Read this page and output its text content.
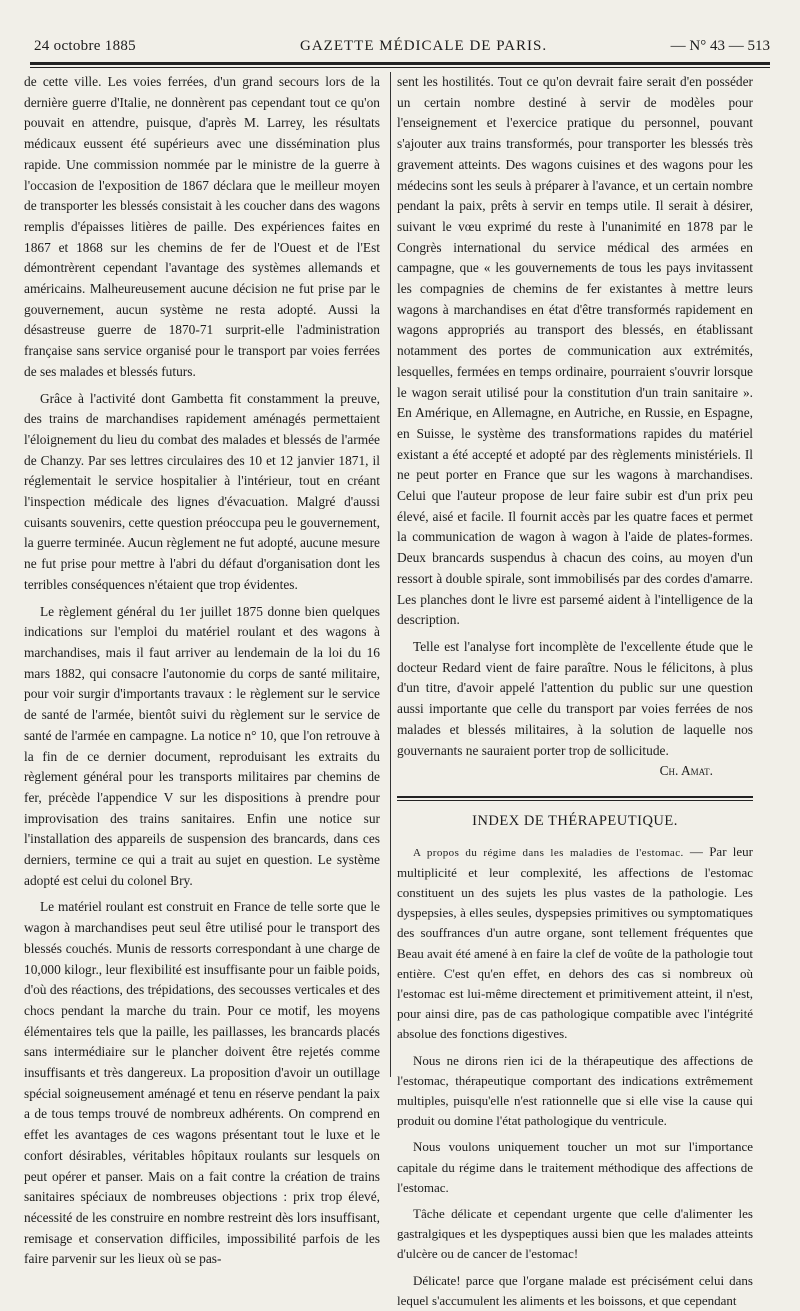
24 octobre 1885	GAZETTE MÉDICALE DE PARIS.	— N° 43 — 513

de cette ville. Les voies ferrées, d'un grand secours lors de la dernière guerre d'Italie, ne donnèrent pas cependant tout ce qu'on pouvait en attendre, puisque, d'après M. Larrey, les résultats médicaux eussent été supérieurs avec une dissémination plus rapide. Une commission nommée par le ministre de la guerre à l'occasion de l'exposition de 1867 déclara que le meilleur moyen de transporter les blessés consistait à les coucher dans des wagons remplis d'épaisses litières de paille. Des expériences faites en 1867 et 1868 sur les chemins de fer de l'Ouest et de l'Est démontrèrent cependant l'avantage des systèmes allemands et américains. Malheureusement aucune décision ne fut prise par le gouvernement, aucun système ne resta adopté. Aussi la désastreuse guerre de 1870-71 surprit-elle l'administration française sans service organisé pour le transport par voies ferrées de ses malades et blessés futurs.

Grâce à l'activité dont Gambetta fit constamment la preuve, des trains de marchandises rapidement aménagés permettaient l'éloignement du lieu du combat des malades et blessés de l'armée de Chanzy. Par ses lettres circulaires des 10 et 12 janvier 1871, il réglementait le service hospitalier à l'intérieur, tout en créant l'inspection médicale des lignes d'évacuation. Malgré d'aussi cuisants souvenirs, cette question préoccupa peu le gouvernement, la guerre terminée. Aucun règlement ne fut adopté, aucune mesure ne fut prise pour mettre à l'abri du défaut d'organisation dont les terribles conséquences n'étaient que trop évidentes.

Le règlement général du 1er juillet 1875 donne bien quelques indications sur l'emploi du matériel roulant et des wagons à marchandises, mais il faut arriver au lendemain de la loi du 16 mars 1882, qui consacre l'autonomie du corps de santé militaire, pour voir surgir d'importants travaux : le règlement sur le service de santé de l'armée, bientôt suivi du règlement sur le service de santé de l'armée en campagne. La notice n° 10, que l'on retrouve à la fin de ce dernier document, reproduisant les extraits du règlement général pour les transports militaires par chemins de fer, précède l'appendice V sur les dispositions à prendre pour improvisation des trains sanitaires. Enfin une notice sur l'installation des appareils de suspension des brancards, dans ces derniers, termine ce qui a trait au sujet en question. Le système adopté est celui du colonel Bry.

Le matériel roulant est construit en France de telle sorte que le wagon à marchandises peut seul être utilisé pour le transport des blessés couchés. Munis de ressorts correspondant à une charge de 10,000 kilogr., leur flexibilité est insuffisante pour un faible poids, d'où des réactions, des trépidations, des secousses verticales et des chocs pendant la marche du train. Pour ce motif, les moyens élémentaires tels que la paille, les paillasses, les brancards placés sans intermédiaire sur le plancher doivent être rejetés comme insuffisants et très dangereux. La proposition d'avoir un outillage spécial soigneusement aménagé et tenu en réserve pendant la paix a de tous temps trouvé de nombreux adhérents. On comprend en effet les avantages de ces wagons présentant tout le luxe et le confort désirables, véritables hôpitaux roulants sur lesquels on peut opérer et panser. Mais on a fait contre la création de trains sanitaires spéciaux de nombreuses objections : prix trop élevé, nécessité de les construire en nombre restreint dès lors insuffisant, remisage et conservation difficiles, impossibilité parfois de les faire parvenir sur les lieux où se pas-

sent les hostilités. Tout ce qu'on devrait faire serait d'en posséder un certain nombre destiné à servir de modèles pour l'enseignement et l'exercice pratique du personnel, pouvant s'ajouter aux trains transformés, pour transporter les blessés très gravement atteints. Des wagons cuisines et des wagons pour les médecins sont les seuls à préparer à l'avance, et un certain nombre pendant la paix, prêts à servir en temps utile. Il serait à désirer, suivant le vœu exprimé du reste à l'unanimité en 1878 par le Congrès international du service médical des armées en campagne, que « les gouvernements de tous les pays invitassent les compagnies de chemins de fer existantes à mettre leurs wagons à marchandises en état d'être transformés rapidement en wagons appropriés au transport des blessés, en établissant notamment des portes de communication aux extrémités, lesquelles, fermées en temps ordinaire, pourraient s'ouvrir lorsque le wagon serait utilisé pour la constitution d'un train sanitaire ». En Amérique, en Allemagne, en Autriche, en Russie, en Espagne, en Suisse, le système des transformations rapides du matériel existant a été accepté et adopté par des règlements ministériels. Il ne peut porter en France que sur les wagons à marchandises. Celui que l'auteur propose de leur faire subir est d'un prix peu élevé, aisé et facile. Il fournit accès par les quatre faces et permet la communication de wagon à wagon à l'aide de plates-formes. Deux brancards suspendus à chacun des coins, au moyen d'un ressort à double spirale, sont immobilisés par des cordes d'amarre. Les planches dont le livre est parsemé aident à l'intelligence de la description.

Telle est l'analyse fort incomplète de l'excellente étude que le docteur Redard vient de faire paraître. Nous le félicitons, à plus d'un titre, d'avoir appelé l'attention du public sur une question aussi importante que celle du transport par voies ferrées de nos malades et blessés militaires, à la solution de laquelle nos gouvernants ne sauraient porter trop de sollicitude.

Ch. Amat.

INDEX DE THÉRAPEUTIQUE.

A propos du régime dans les maladies de l'estomac. — Par leur multiplicité et leur complexité, les affections de l'estomac constituent un des sujets les plus vastes de la pathologie. Les dyspepsies, à elles seules, dyspepsies primitives ou symptomatiques des souffrances d'un autre organe, sont tellement fréquentes que Beau avait été amené à en faire la clef de voûte de la pathologie tout entière. C'est qu'en effet, en dehors des cas si nombreux où l'estomac est lui-même directement et primitivement atteint, il n'est, pour ainsi dire, pas de cas pathologique compatible avec l'intégrité absolue des fonctions digestives.

Nous ne dirons rien ici de la thérapeutique des affections de l'estomac, thérapeutique comportant des indications extrêmement multiples, puisqu'elle n'est rationnelle que si elle vise la cause qui produit ou domine l'état pathologique du ventricule.

Nous voulons uniquement toucher un mot sur l'importance capitale du régime dans le traitement méthodique des affections de l'estomac.

Tâche délicate et cependant urgente que celle d'alimenter les gastralgiques et les dyspeptiques aussi bien que les malades atteints d'ulcère ou de cancer de l'estomac!

Délicate! parce que l'organe malade est précisément celui dans lequel s'accumulent les aliments et les boissons, et que cependant
